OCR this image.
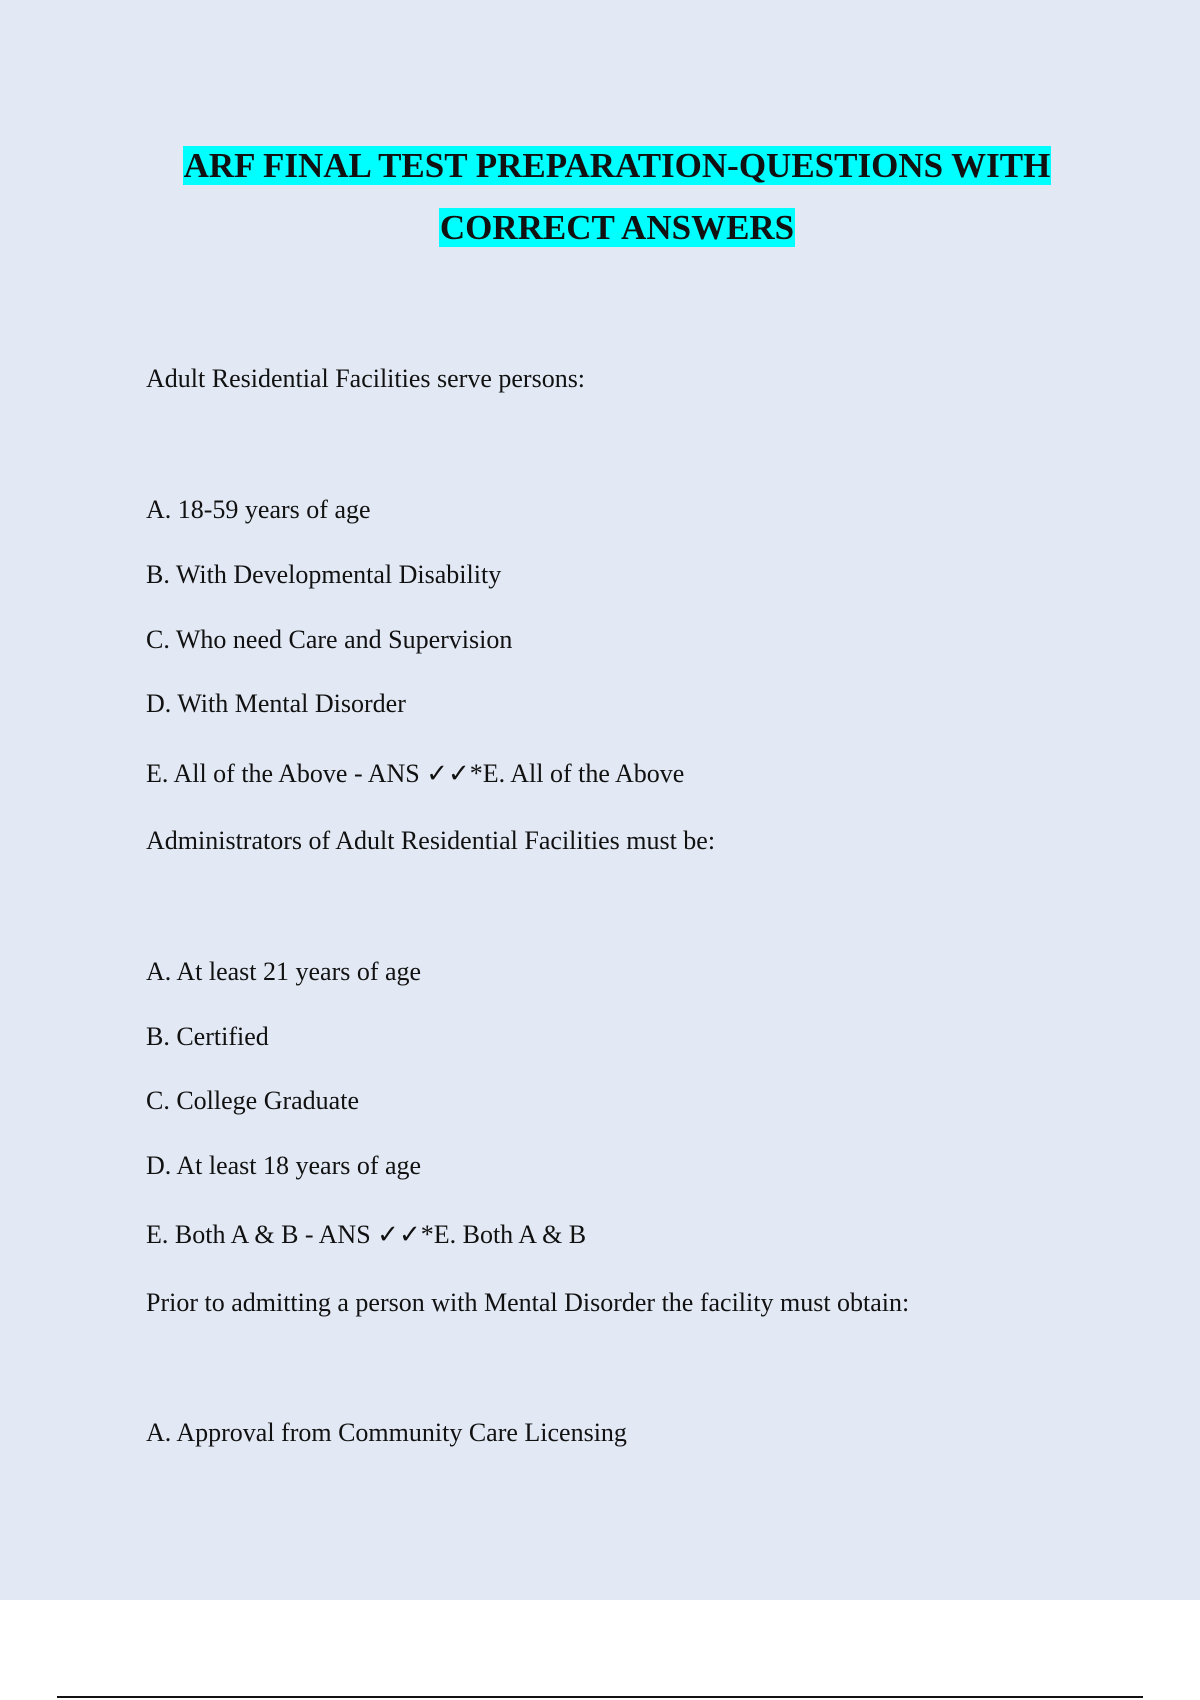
ARF FINAL TEST PREPARATION-QUESTIONS WITH
CORRECT ANSWERS

Adult Residential Facilities serve persons:

A. 18-59 years of age

B. With Developmental Disability

C. Who need Care and Supervision

D. With Mental Disorder

E. All of the Above - ANS ✓✓*E. All of the Above

Administrators of Adult Residential Facilities must be:

A. At least 21 years of age

B. Certified

C. College Graduate

D. At least 18 years of age

E. Both A & B - ANS ✓✓*E. Both A & B

Prior to admitting a person with Mental Disorder the facility must obtain:

A. Approval from Community Care Licensing
